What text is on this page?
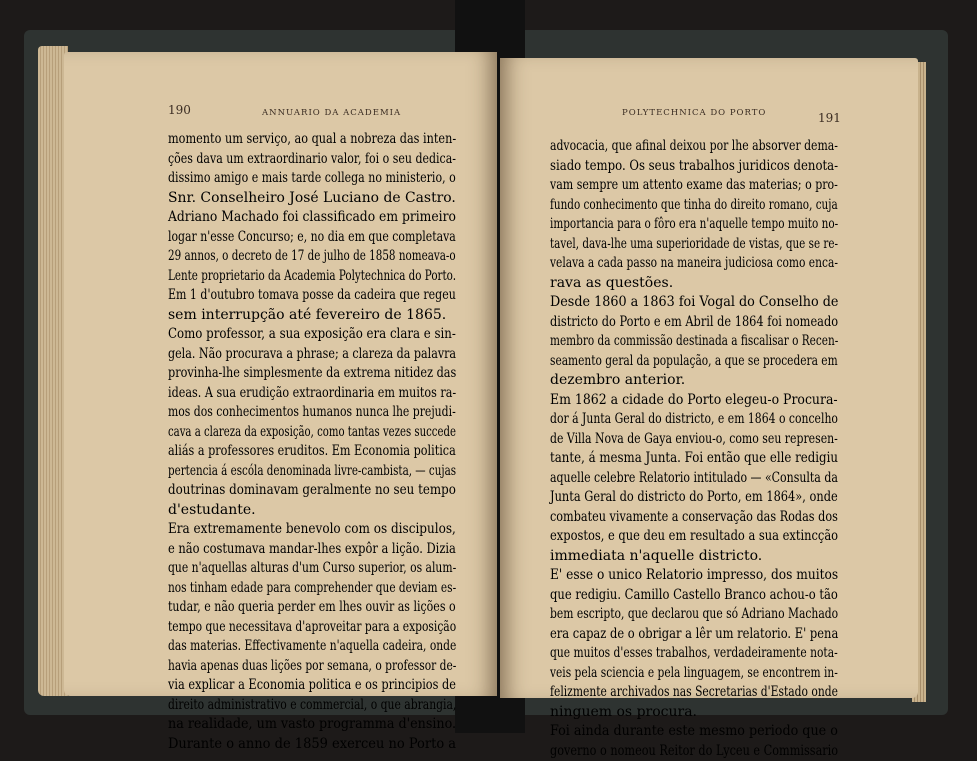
190	ANNUARIO DA ACADEMIA	POLYTECHNICA DO PORTO	191
momento um serviço, ao qual a nobreza das inten-
ções dava um extraordinario valor, foi o seu dedica-
dissimo amigo e mais tarde collega no ministerio, o
Snr. Conselheiro José Luciano de Castro.
Adriano Machado foi classificado em primeiro
logar n'esse Concurso; e, no dia em que completava
29 annos, o decreto de 17 de julho de 1858 nomeava-o
Lente proprietario da Academia Polytechnica do Porto.
Em 1 d'outubro tomava posse da cadeira que regeu
sem interrupção até fevereiro de 1865.
Como professor, a sua exposição era clara e sin-
gela. Não procurava a phrase; a clareza da palavra
provinha-lhe simplesmente da extrema nitidez das
ideas. A sua erudição extraordinaria em muitos ra-
mos dos conhecimentos humanos nunca lhe prejudi-
cava a clareza da exposição, como tantas vezes succede
aliás a professores eruditos. Em Economia politica
pertencia á escóla denominada livre-cambista, — cujas
doutrinas dominavam geralmente no seu tempo
d'estudante.
Era extremamente benevolo com os discipulos,
e não costumava mandar-lhes expôr a lição. Dizia
que n'aquellas alturas d'um Curso superior, os alum-
nos tinham edade para comprehender que deviam es-
tudar, e não queria perder em lhes ouvir as lições o
tempo que necessitava d'aproveitar para a exposição
das materias. Effectivamente n'aquella cadeira, onde
havia apenas duas lições por semana, o professor de-
via explicar a Economia politica e os principios de
direito administrativo e commercial, o que abrangia,
na realidade, um vasto programma d'ensino.
Durante o anno de 1859 exerceu no Porto a
advocacia, que afinal deixou por lhe absorver dema-
siado tempo. Os seus trabalhos juridicos denota-
vam sempre um attento exame das materias; o pro-
fundo conhecimento que tinha do direito romano, cuja
importancia para o fôro era n'aquelle tempo muito no-
tavel, dava-lhe uma superioridade de vistas, que se re-
velava a cada passo na maneira judiciosa como enca-
rava as questões.
Desde 1860 a 1863 foi Vogal do Conselho de
districto do Porto e em Abril de 1864 foi nomeado
membro da commissão destinada a fiscalisar o Recen-
seamento geral da população, a que se procedera em
dezembro anterior.
Em 1862 a cidade do Porto elegeu-o Procura-
dor á Junta Geral do districto, e em 1864 o concelho
de Villa Nova de Gaya enviou-o, como seu represen-
tante, á mesma Junta. Foi então que elle redigiu
aquelle celebre Relatorio intitulado — «Consulta da
Junta Geral do districto do Porto, em 1864», onde
combateu vivamente a conservação das Rodas dos
expostos, e que deu em resultado a sua extincção
immediata n'aquelle districto.
E' esse o unico Relatorio impresso, dos muitos
que redigiu. Camillo Castello Branco achou-o tão
bem escripto, que declarou que só Adriano Machado
era capaz de o obrigar a lêr um relatorio. E' pena
que muitos d'esses trabalhos, verdadeiramente nota-
veis pela sciencia e pela linguagem, se encontrem in-
felizmente archivados nas Secretarias d'Estado onde
ninguem os procura.
Foi ainda durante este mesmo periodo que o
governo o nomeou Reitor do Lyceu e Commissario
